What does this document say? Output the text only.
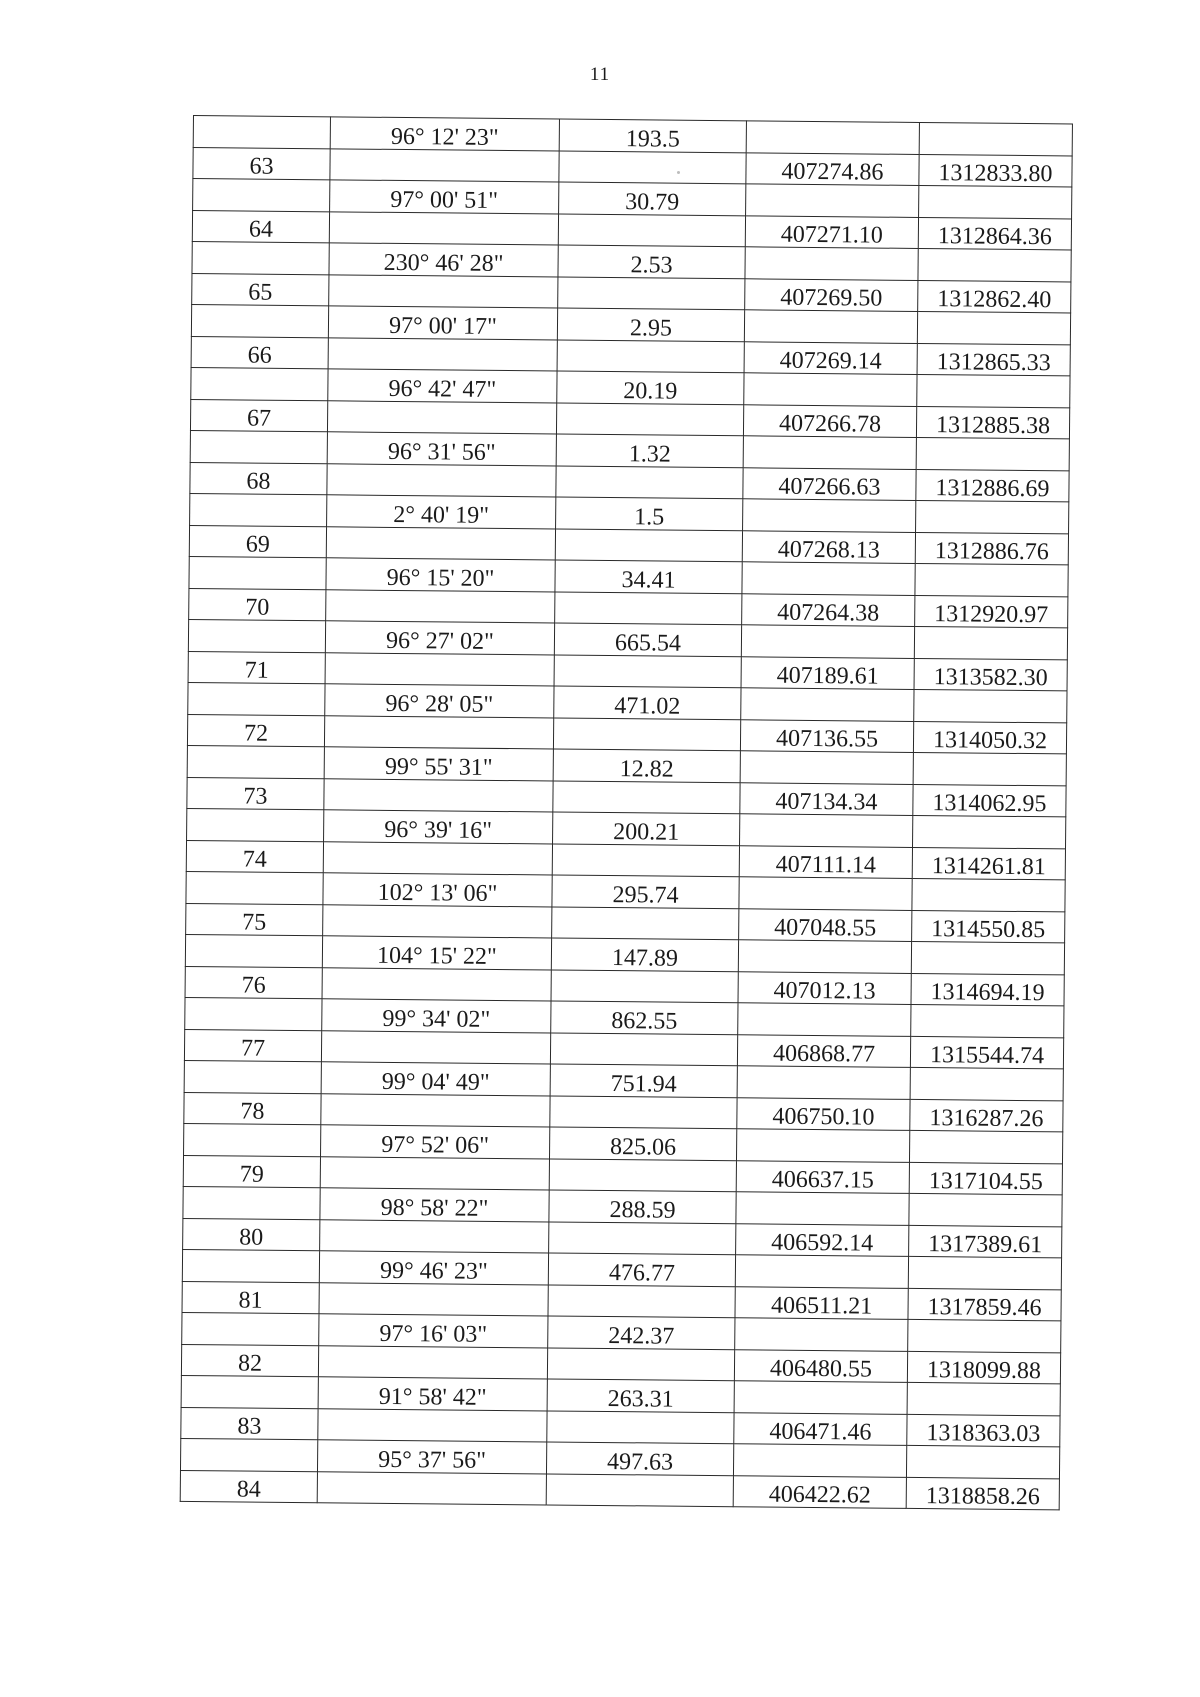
11
	96° 12' 23"	193.5		
63			407274.86	1312833.80
	97° 00' 51"	30.79		
64			407271.10	1312864.36
	230° 46' 28"	2.53		
65			407269.50	1312862.40
	97° 00' 17"	2.95		
66			407269.14	1312865.33
	96° 42' 47"	20.19		
67			407266.78	1312885.38
	96° 31' 56"	1.32		
68			407266.63	1312886.69
	2° 40' 19"	1.5		
69			407268.13	1312886.76
	96° 15' 20"	34.41		
70			407264.38	1312920.97
	96° 27' 02"	665.54		
71			407189.61	1313582.30
	96° 28' 05"	471.02		
72			407136.55	1314050.32
	99° 55' 31"	12.82		
73			407134.34	1314062.95
	96° 39' 16"	200.21		
74			407111.14	1314261.81
	102° 13' 06"	295.74		
75			407048.55	1314550.85
	104° 15' 22"	147.89		
76			407012.13	1314694.19
	99° 34' 02"	862.55		
77			406868.77	1315544.74
	99° 04' 49"	751.94		
78			406750.10	1316287.26
	97° 52' 06"	825.06		
79			406637.15	1317104.55
	98° 58' 22"	288.59		
80			406592.14	1317389.61
	99° 46' 23"	476.77		
81			406511.21	1317859.46
	97° 16' 03"	242.37		
82			406480.55	1318099.88
	91° 58' 42"	263.31		
83			406471.46	1318363.03
	95° 37' 56"	497.63		
84			406422.62	1318858.26
